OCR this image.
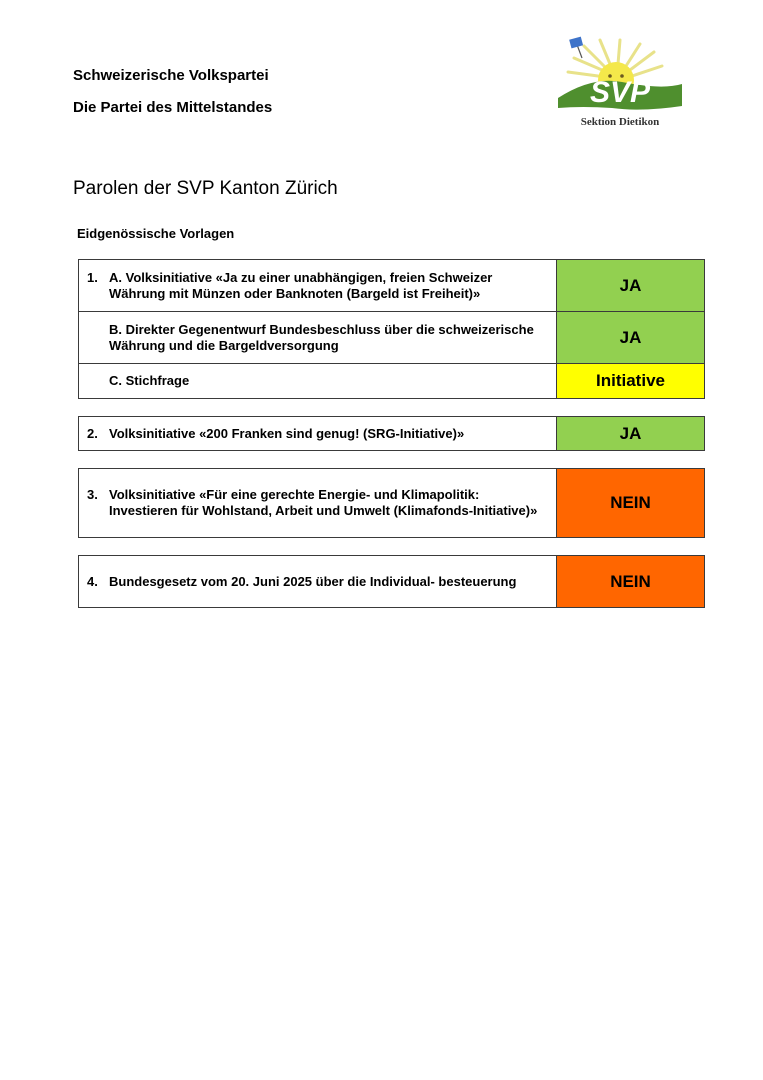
Schweizerische Volkspartei
Die Partei des Mittelstandes	SVP
Sektion Dietikon
Parolen der SVP Kanton Zürich
Eidgenössische Vorlagen
1. A. Volksinitiative «Ja zu einer unabhängigen, freien Schweizer Währung mit Münzen oder Banknoten (Bargeld ist Freiheit)»	JA

B. Direkter Gegenentwurf Bundesbeschluss über die schweizerische Währung und die Bargeldversorgung	JA

C. Stichfrage	Initiative
2. Volksinitiative «200 Franken sind genug! (SRG-Initiative)»	JA
3. Volksinitiative «Für eine gerechte Energie- und Klimapolitik: Investieren für Wohlstand, Arbeit und Umwelt (Klimafonds-Initiative)»	NEIN
4. Bundesgesetz vom 20. Juni 2025 über die Individual- besteuerung	NEIN
